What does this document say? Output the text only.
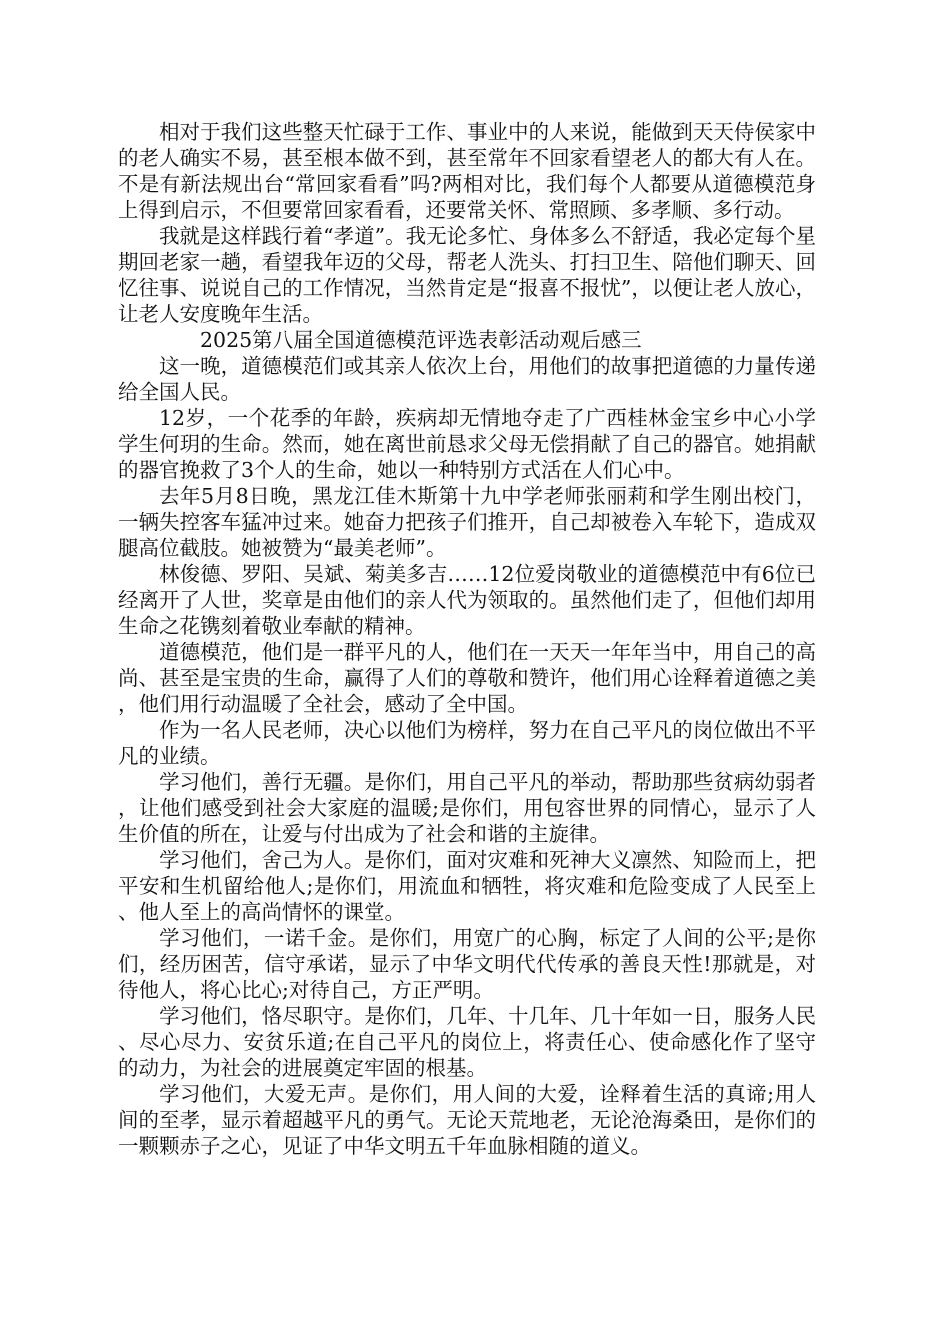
相对于我们这些整天忙碌于工作、事业中的人来说，能做到天天侍侯家中的老人确实不易，甚至根本做不到，甚至常年不回家看望老人的都大有人在。不是有新法规出台“常回家看看”吗?两相对比，我们每个人都要从道德模范身上得到启示，不但要常回家看看，还要常关怀、常照顾、多孝顺、多行动。

我就是这样践行着“孝道”。我无论多忙、身体多么不舒适，我必定每个星期回老家一趟，看望我年迈的父母，帮老人洗头、打扫卫生、陪他们聊天、回忆往事、说说自己的工作情况，当然肯定是“报喜不报忧”，以便让老人放心，让老人安度晚年生活。

2025第八届全国道德模范评选表彰活动观后感三

这一晚，道德模范们或其亲人依次上台，用他们的故事把道德的力量传递给全国人民。

12岁，一个花季的年龄，疾病却无情地夺走了广西桂林金宝乡中心小学学生何玥的生命。然而，她在离世前恳求父母无偿捐献了自己的器官。她捐献的器官挽救了3个人的生命，她以一种特别方式活在人们心中。

去年5月8日晚，黑龙江佳木斯第十九中学老师张丽莉和学生刚出校门，一辆失控客车猛冲过来。她奋力把孩子们推开，自己却被卷入车轮下，造成双腿高位截肢。她被赞为“最美老师”。

林俊德、罗阳、吴斌、菊美多吉……12位爱岗敬业的道德模范中有6位已经离开了人世，奖章是由他们的亲人代为领取的。虽然他们走了，但他们却用生命之花镌刻着敬业奉献的精神。

道德模范，他们是一群平凡的人，他们在一天天一年年当中，用自己的高尚、甚至是宝贵的生命，赢得了人们的尊敬和赞许，他们用心诠释着道德之美，他们用行动温暖了全社会，感动了全中国。

作为一名人民老师，决心以他们为榜样，努力在自己平凡的岗位做出不平凡的业绩。

学习他们，善行无疆。是你们，用自己平凡的举动，帮助那些贫病幼弱者，让他们感受到社会大家庭的温暖;是你们，用包容世界的同情心，显示了人生价值的所在，让爱与付出成为了社会和谐的主旋律。

学习他们，舍己为人。是你们，面对灾难和死神大义凛然、知险而上，把平安和生机留给他人;是你们，用流血和牺牲，将灾难和危险变成了人民至上、他人至上的高尚情怀的课堂。

学习他们，一诺千金。是你们，用宽广的心胸，标定了人间的公平;是你们，经历困苦，信守承诺，显示了中华文明代代传承的善良天性!那就是，对待他人，将心比心;对待自己，方正严明。

学习他们，恪尽职守。是你们，几年、十几年、几十年如一日，服务人民、尽心尽力、安贫乐道;在自己平凡的岗位上，将责任心、使命感化作了坚守的动力，为社会的进展奠定牢固的根基。

学习他们，大爱无声。是你们，用人间的大爱，诠释着生活的真谛;用人间的至孝，显示着超越平凡的勇气。无论天荒地老，无论沧海桑田，是你们的一颗颗赤子之心，见证了中华文明五千年血脉相随的道义。
